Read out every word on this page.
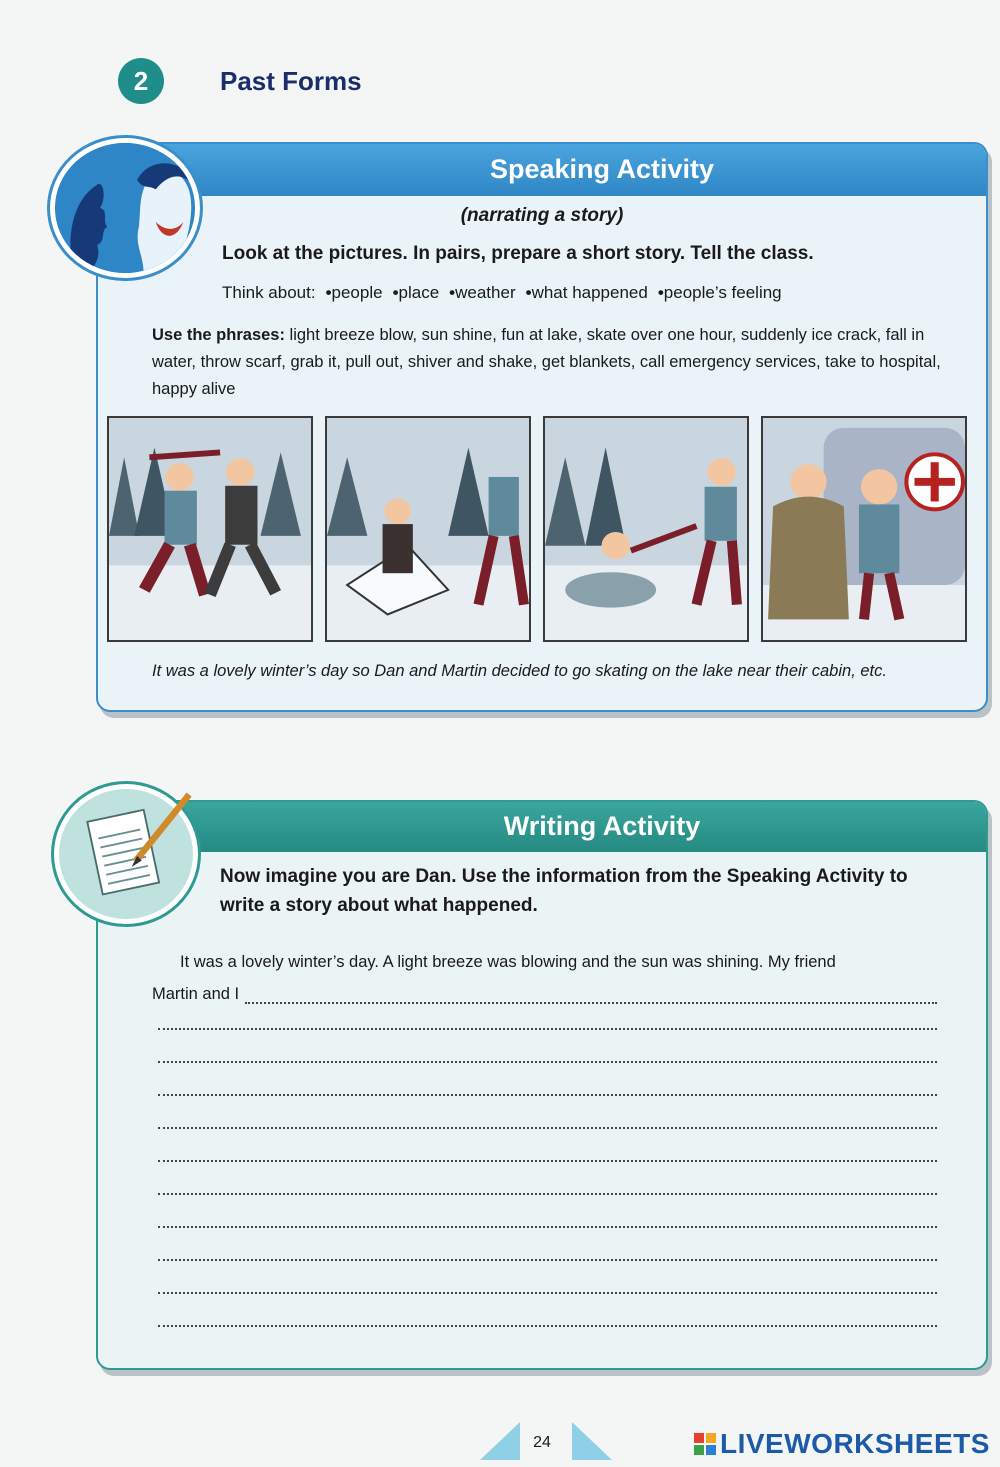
2	Past Forms
Speaking Activity
(narrating a story)
Look at the pictures. In pairs, prepare a short story. Tell the class.
Think about: • people • place • weather • what happened • people’s feeling
Use the phrases: light breeze blow, sun shine, fun at lake, skate over one hour, suddenly ice crack, fall in water, throw scarf, grab it, pull out, shiver and shake, get blankets, call emergency services, take to hospital, happy alive
It was a lovely winter’s day so Dan and Martin decided to go skating on the lake near their cabin, etc.
Writing Activity
Now imagine you are Dan. Use the information from the Speaking Activity to write a story about what happened.
It was a lovely winter’s day. A light breeze was blowing and the sun was shining. My friend
Martin and I
24	LIVEWORKSHEETS
